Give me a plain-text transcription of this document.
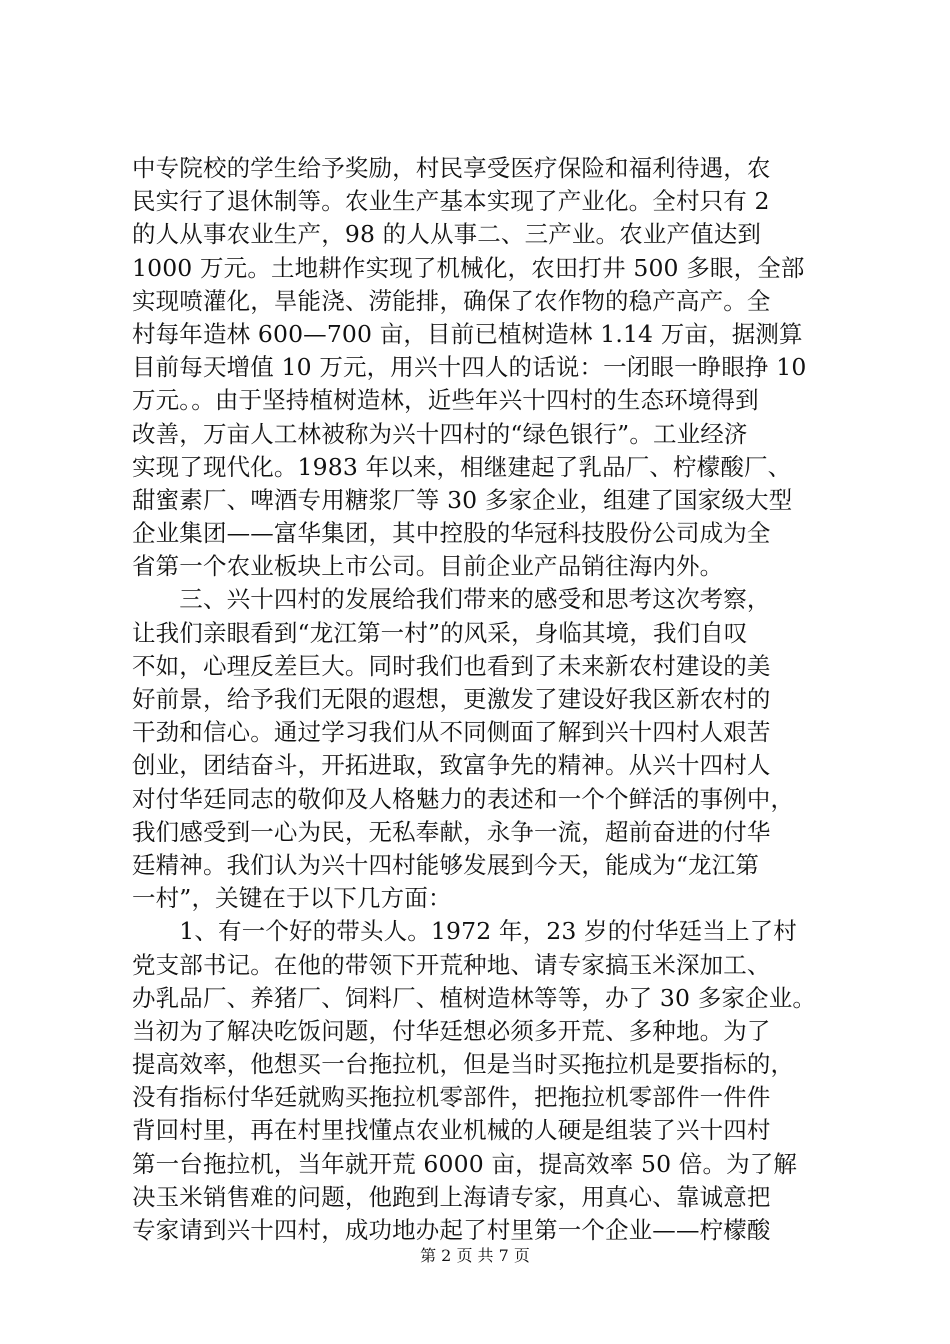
中专院校的学生给予奖励，村民享受医疗保险和福利待遇，农
民实行了退休制等。农业生产基本实现了产业化。全村只有 2
的人从事农业生产，98 的人从事二、三产业。农业产值达到
1000 万元。土地耕作实现了机械化，农田打井 500 多眼，全部
实现喷灌化，旱能浇、涝能排，确保了农作物的稳产高产。全
村每年造林 600—700 亩，目前已植树造林 1.14 万亩，据测算
目前每天增值 10 万元，用兴十四人的话说：一闭眼一睁眼挣 10
万元。。由于坚持植树造林，近些年兴十四村的生态环境得到
改善，万亩人工林被称为兴十四村的“绿色银行”。工业经济
实现了现代化。1983 年以来，相继建起了乳品厂、柠檬酸厂、
甜蜜素厂、啤酒专用糖浆厂等 30 多家企业，组建了国家级大型
企业集团——富华集团，其中控股的华冠科技股份公司成为全
省第一个农业板块上市公司。目前企业产品销往海内外。
　　三、兴十四村的发展给我们带来的感受和思考这次考察，
让我们亲眼看到“龙江第一村”的风采，身临其境，我们自叹
不如，心理反差巨大。同时我们也看到了未来新农村建设的美
好前景，给予我们无限的遐想，更激发了建设好我区新农村的
干劲和信心。通过学习我们从不同侧面了解到兴十四村人艰苦
创业，团结奋斗，开拓进取，致富争先的精神。从兴十四村人
对付华廷同志的敬仰及人格魅力的表述和一个个鲜活的事例中，
我们感受到一心为民，无私奉献，永争一流，超前奋进的付华
廷精神。我们认为兴十四村能够发展到今天，能成为“龙江第
一村”，关键在于以下几方面：
　　1、有一个好的带头人。1972 年，23 岁的付华廷当上了村
党支部书记。在他的带领下开荒种地、请专家搞玉米深加工、
办乳品厂、养猪厂、饲料厂、植树造林等等，办了 30 多家企业。
当初为了解决吃饭问题，付华廷想必须多开荒、多种地。为了
提高效率，他想买一台拖拉机，但是当时买拖拉机是要指标的，
没有指标付华廷就购买拖拉机零部件，把拖拉机零部件一件件
背回村里，再在村里找懂点农业机械的人硬是组装了兴十四村
第一台拖拉机，当年就开荒 6000 亩，提高效率 50 倍。为了解
决玉米销售难的问题，他跑到上海请专家，用真心、靠诚意把
专家请到兴十四村，成功地办起了村里第一个企业——柠檬酸
第 2 页 共 7 页
